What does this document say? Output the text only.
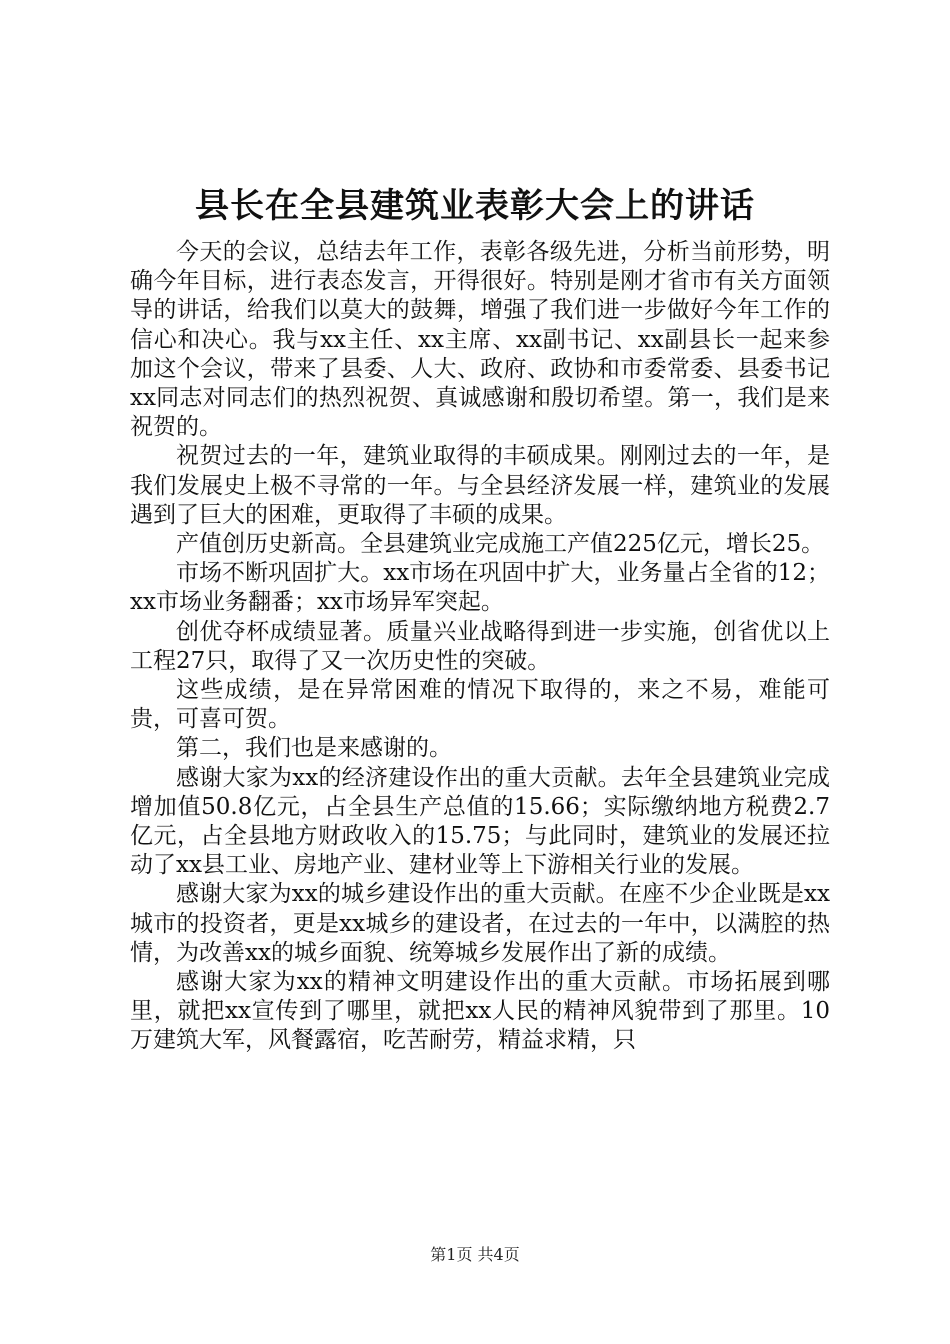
县长在全县建筑业表彰大会上的讲话

今天的会议，总结去年工作，表彰各级先进，分析当前形势，明确今年目标，进行表态发言，开得很好。特别是刚才省市有关方面领导的讲话，给我们以莫大的鼓舞，增强了我们进一步做好今年工作的信心和决心。我与xx主任、xx主席、xx副书记、xx副县长一起来参加这个会议，带来了县委、人大、政府、政协和市委常委、县委书记xx同志对同志们的热烈祝贺、真诚感谢和殷切希望。第一，我们是来祝贺的。

祝贺过去的一年，建筑业取得的丰硕成果。刚刚过去的一年，是我们发展史上极不寻常的一年。与全县经济发展一样，建筑业的发展遇到了巨大的困难，更取得了丰硕的成果。

产值创历史新高。全县建筑业完成施工产值225亿元，增长25。

市场不断巩固扩大。xx市场在巩固中扩大，业务量占全省的12；xx市场业务翻番；xx市场异军突起。

创优夺杯成绩显著。质量兴业战略得到进一步实施，创省优以上工程27只，取得了又一次历史性的突破。

这些成绩，是在异常困难的情况下取得的，来之不易，难能可贵，可喜可贺。

第二，我们也是来感谢的。

感谢大家为xx的经济建设作出的重大贡献。去年全县建筑业完成增加值50.8亿元，占全县生产总值的15.66；实际缴纳地方税费2.7亿元，占全县地方财政收入的15.75；与此同时，建筑业的发展还拉动了xx县工业、房地产业、建材业等上下游相关行业的发展。

感谢大家为xx的城乡建设作出的重大贡献。在座不少企业既是xx城市的投资者，更是xx城乡的建设者，在过去的一年中，以满腔的热情，为改善xx的城乡面貌、统筹城乡发展作出了新的成绩。

感谢大家为xx的精神文明建设作出的重大贡献。市场拓展到哪里，就把xx宣传到了哪里，就把xx人民的精神风貌带到了那里。10万建筑大军，风餐露宿，吃苦耐劳，精益求精，只

第1页 共4页
